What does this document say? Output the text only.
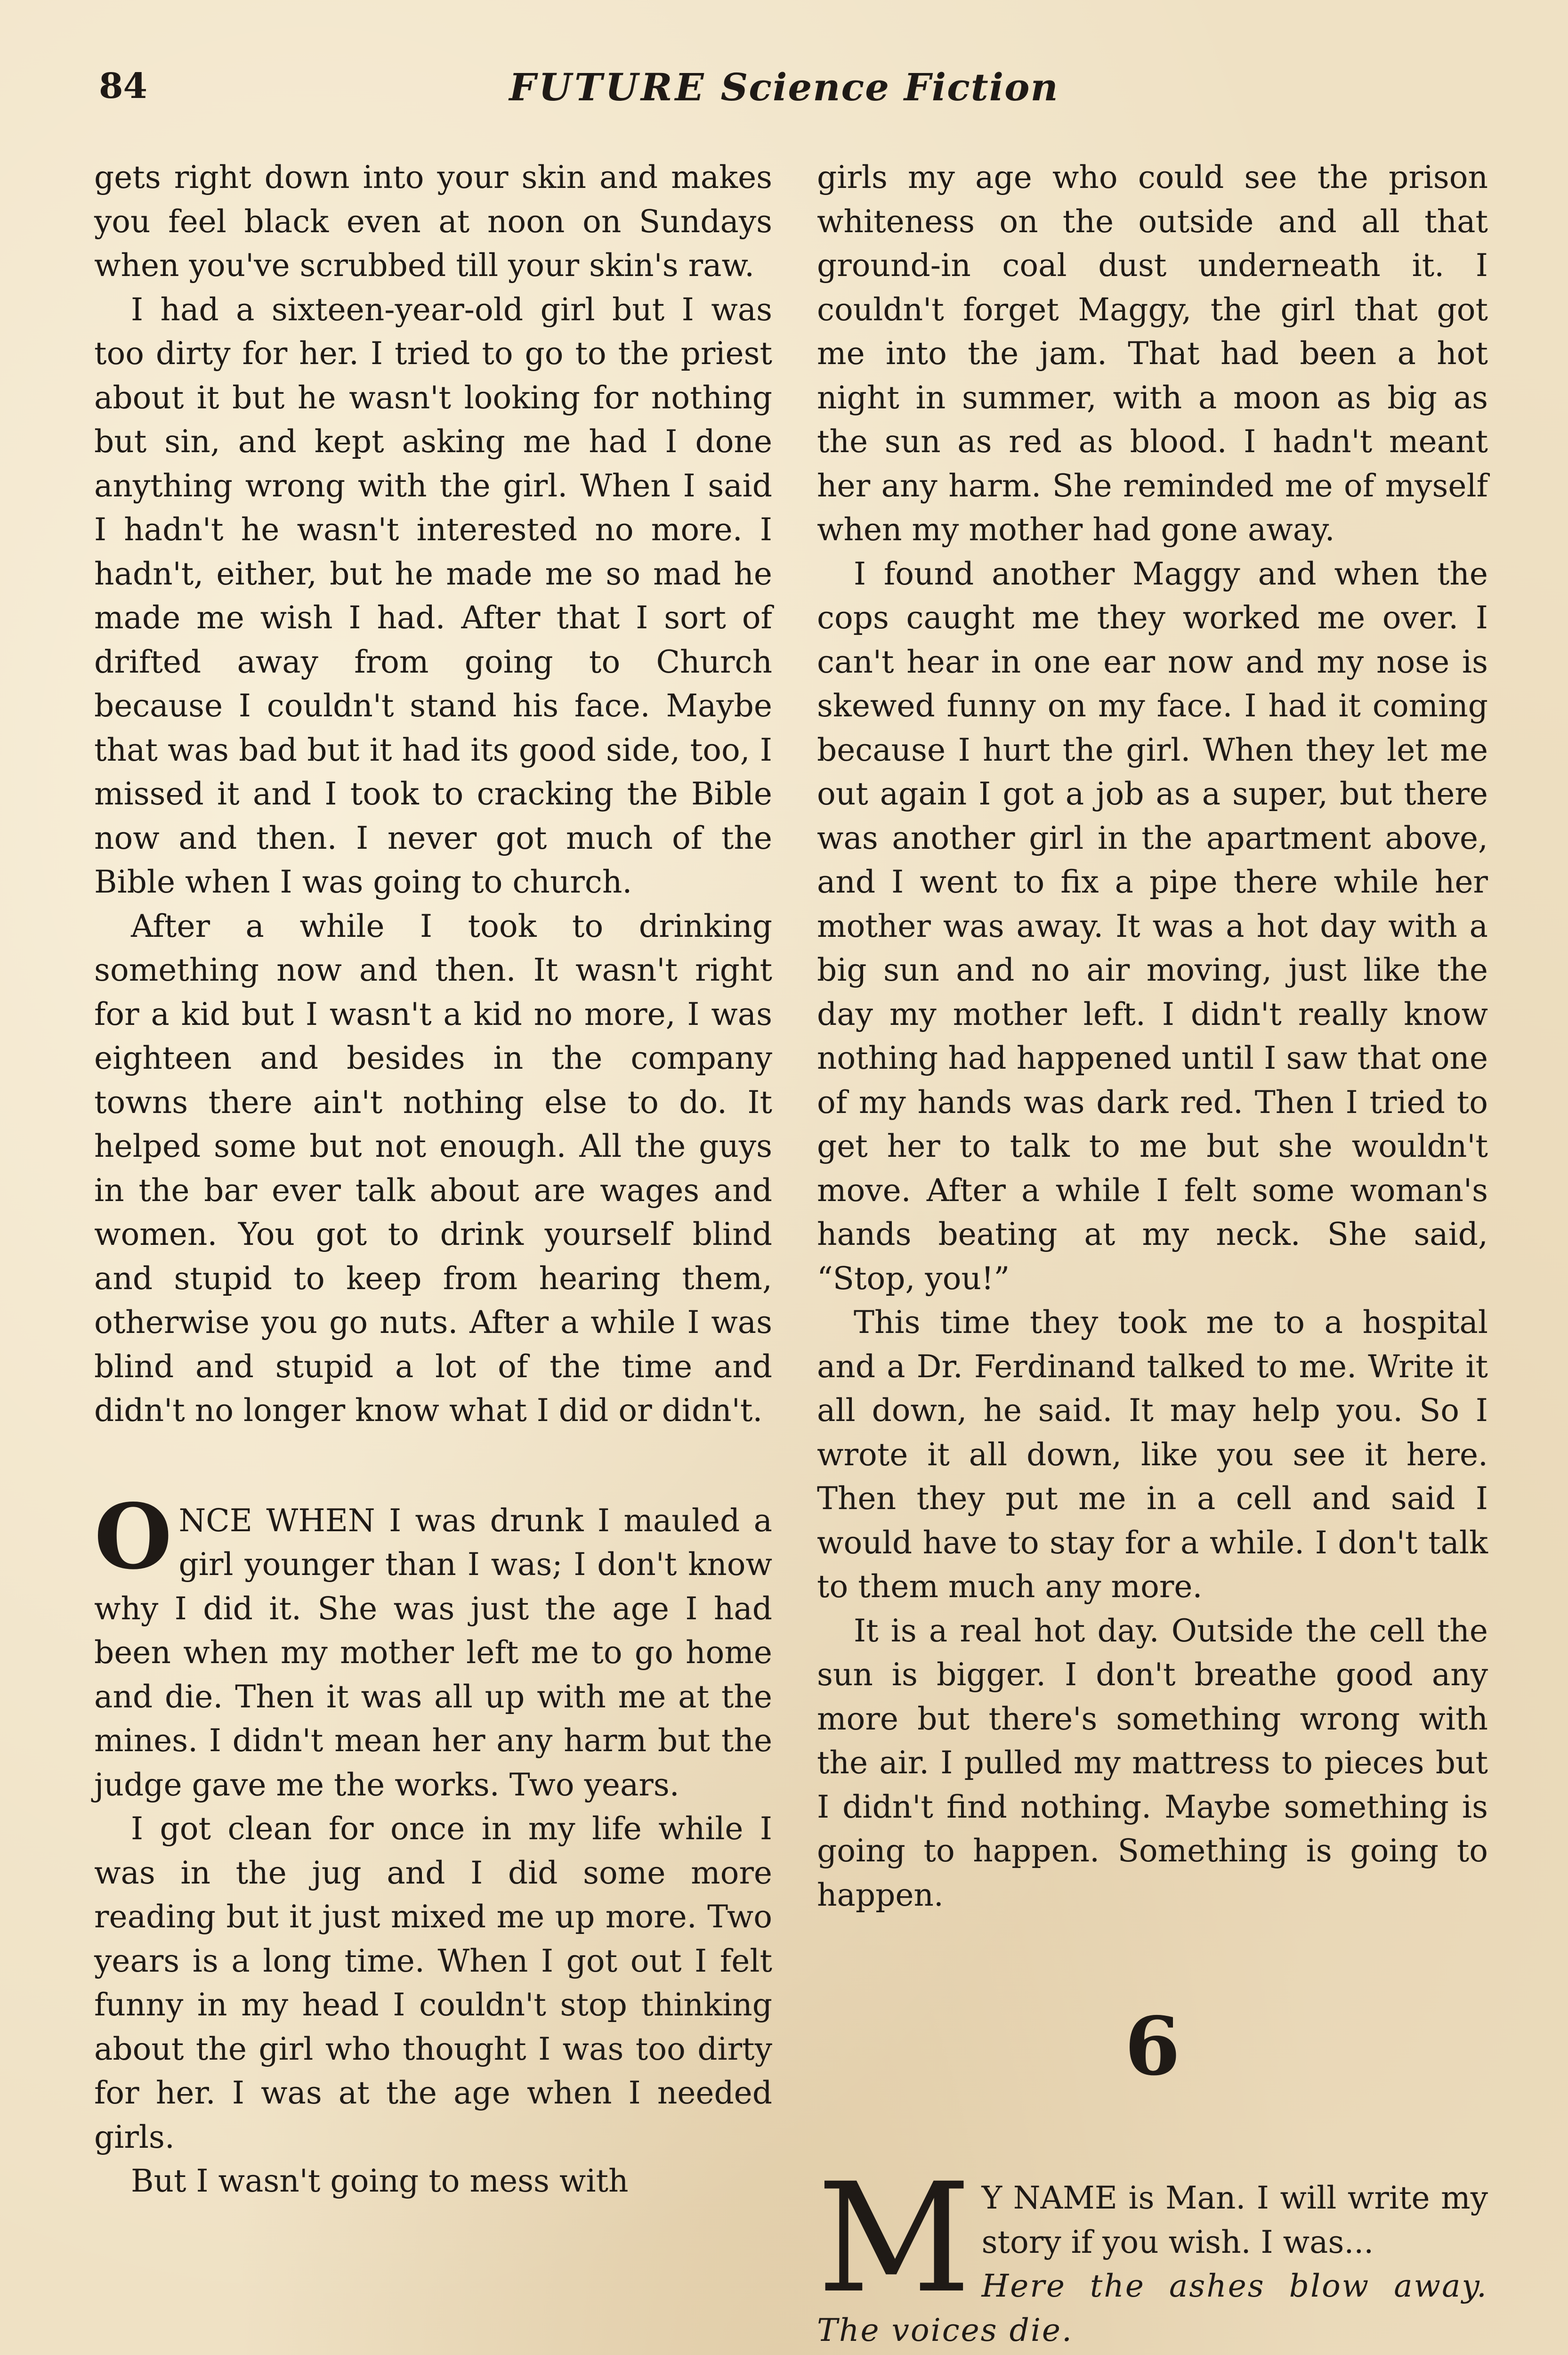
84	FUTURE Science Fiction

gets right down into your skin and makes you feel black even at noon on Sundays when you've scrubbed till your skin's raw.

I had a sixteen-year-old girl but I was too dirty for her. I tried to go to the priest about it but he wasn't looking for nothing but sin, and kept asking me had I done anything wrong with the girl. When I said I hadn't he wasn't interested no more. I hadn't, either, but he made me so mad he made me wish I had. After that I sort of drifted away from going to Church because I couldn't stand his face. Maybe that was bad but it had its good side, too, I missed it and I took to cracking the Bible now and then. I never got much of the Bible when I was going to church.

After a while I took to drinking something now and then. It wasn't right for a kid but I wasn't a kid no more, I was eighteen and besides in the company towns there ain't nothing else to do. It helped some but not enough. All the guys in the bar ever talk about are wages and women. You got to drink yourself blind and stupid to keep from hearing them, otherwise you go nuts. After a while I was blind and stupid a lot of the time and didn't no longer know what I did or didn't.

ONCE WHEN I was drunk I mauled a girl younger than I was; I don't know why I did it. She was just the age I had been when my mother left me to go home and die. Then it was all up with me at the mines. I didn't mean her any harm but the judge gave me the works. Two years.

I got clean for once in my life while I was in the jug and I did some more reading but it just mixed me up more. Two years is a long time. When I got out I felt funny in my head I couldn't stop thinking about the girl who thought I was too dirty for her. I was at the age when I needed girls.

But I wasn't going to mess with

girls my age who could see the prison whiteness on the outside and all that ground-in coal dust underneath it. I couldn't forget Maggy, the girl that got me into the jam. That had been a hot night in summer, with a moon as big as the sun as red as blood. I hadn't meant her any harm. She reminded me of myself when my mother had gone away.

I found another Maggy and when the cops caught me they worked me over. I can't hear in one ear now and my nose is skewed funny on my face. I had it coming because I hurt the girl. When they let me out again I got a job as a super, but there was another girl in the apartment above, and I went to fix a pipe there while her mother was away. It was a hot day with a big sun and no air moving, just like the day my mother left. I didn't really know nothing had happened until I saw that one of my hands was dark red. Then I tried to get her to talk to me but she wouldn't move. After a while I felt some woman's hands beating at my neck. She said, “Stop, you!”

This time they took me to a hospital and a Dr. Ferdinand talked to me. Write it all down, he said. It may help you. So I wrote it all down, like you see it here. Then they put me in a cell and said I would have to stay for a while. I don't talk to them much any more.

It is a real hot day. Outside the cell the sun is bigger. I don't breathe good any more but there's something wrong with the air. I pulled my mattress to pieces but I didn't find nothing. Maybe something is going to happen. Something is going to happen.

6

M Y NAME is Man. I will write my story if you wish. I was...

Here the ashes blow away. The voices die.
